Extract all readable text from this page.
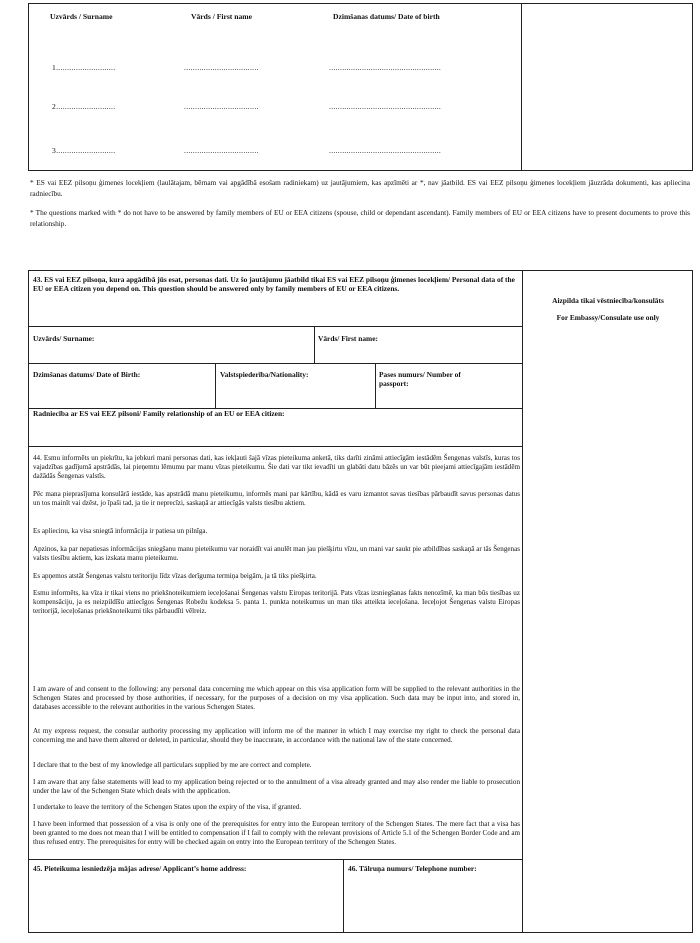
Uzvārds / Surname	Vārds / First name	Dzimšanas datums/ Date of birth
1...........................	..................................	...................................................
2...........................	..................................	...................................................
3...........................	..................................	...................................................
* ES vai EEZ pilsoņu ģimenes locekļiem (laulātajam, bērnam vai apgādībā esošam radiniekam) uz jautājumiem, kas apzīmēti ar *, nav jāatbild. ES vai EEZ pilsoņu ģimenes locekļiem jāuzrāda dokumenti, kas apliecina radniecību.
* The questions marked with * do not have to be answered by family members of EU or EEA citizens (spouse, child or dependant ascendant). Family members of EU or EEA citizens have to present documents to prove this relationship.
43. ES vai EEZ pilsoņa, kura apgādībā jūs esat, personas dati. Uz šo jautājumu jāatbild tikai ES vai EEZ pilsoņu ģimenes locekļiem/ Personal data of the EU or EEA citizen you depend on. This question should be answered only by family members of EU or EEA citizens.
Aizpilda tikai vēstniecība/konsulāts
For Embassy/Consulate use only
Uzvārds/ Surname:	Vārds/ First name:
Dzimšanas datums/ Date of Birth:	Valstspiederība/Nationality:	Pases numurs/ Number of passport:
Radniecība ar ES vai EEZ pilsoni/ Family relationship of an EU or EEA citizen:
44. Esmu informēts un piekrītu, ka jebkuri mani personas dati, kas iekļauti šajā vīzas pieteikuma anketā, tiks darīti zināmi attiecīgām iestādēm Šengenas valstīs, kuras tos vajadzības gadījumā apstrādās, lai pieņemtu lēmumu par manu vīzas pieteikumu. Šie dati var tikt ievadīti un glabāti datu bāzēs un var būt pieejami attiecīgajām iestādēm dažādās Šengenas valstīs.
Pēc mana pieprasījuma konsulārā iestāde, kas apstrādā manu pieteikumu, informēs mani par kārtību, kādā es varu izmantot savas tiesības pārbaudīt savus personas datus un tos mainīt vai dzēst, jo īpaši tad, ja tie ir neprecīzi, saskaņā ar attiecīgās valsts tiesību aktiem.
Es apliecinu, ka visa sniegtā informācija ir patiesa un pilnīga.
Apzinos, ka par nepatiesas informācijas sniegšanu manu pieteikumu var noraidīt vai anulēt man jau piešķirtu vīzu, un mani var saukt pie atbildības saskaņā ar tās Šengenas valsts tiesību aktiem, kas izskata manu pieteikumu.
Es apņemos atstāt Šengenas valstu teritoriju līdz vīzas derīguma termiņa beigām, ja tā tiks piešķirta.
Esmu informēts, ka vīza ir tikai viens no priekšnoteikumiem ieceļošanai Šengenas valstu Eiropas teritorijā. Pats vīzas izsniegšanas fakts nenozīmē, ka man būs tiesības uz kompensāciju, ja es neizpildīšu attiecīgos Šengenas Robežu kodeksa 5. panta 1. punkta noteikumus un man tiks atteikta ieceļošana. Ieceļojot Šengenas valstu Eiropas teritorijā, ieceļošanas priekšnoteikumi tiks pārbaudīti vēlreiz.
I am aware of and consent to the following: any personal data concerning me which appear on this visa application form will be supplied to the relevant authorities in the Schengen States and processed by those authorities, if necessary, for the purposes of a decision on my visa application. Such data may be input into, and stored in, databases accessible to the relevant authorities in the various Schengen States.
At my express request, the consular authority processing my application will inform me of the manner in which I may exercise my right to check the personal data concerning me and have them altered or deleted, in particular, should they be inaccurate, in accordance with the national law of the state concerned.
I declare that to the best of my knowledge all particulars supplied by me are correct and complete.
I am aware that any false statements will lead to my application being rejected or to the annulment of a visa already granted and may also render me liable to prosecution under the law of the Schengen State which deals with the application.
I undertake to leave the territory of the Schengen States upon the expiry of the visa, if granted.
I have been informed that possession of a visa is only one of the prerequisites for entry into the European territory of the Schengen States. The mere fact that a visa has been granted to me does not mean that I will be entitled to compensation if I fail to comply with the relevant provisions of Article 5.1 of the Schengen Border Code and am thus refused entry. The prerequisites for entry will be checked again on entry into the European territory of the Schengen States.
45. Pieteikuma iesniedzēja mājas adrese/ Applicant’s home address:	46. Tālruņa numurs/ Telephone number:
